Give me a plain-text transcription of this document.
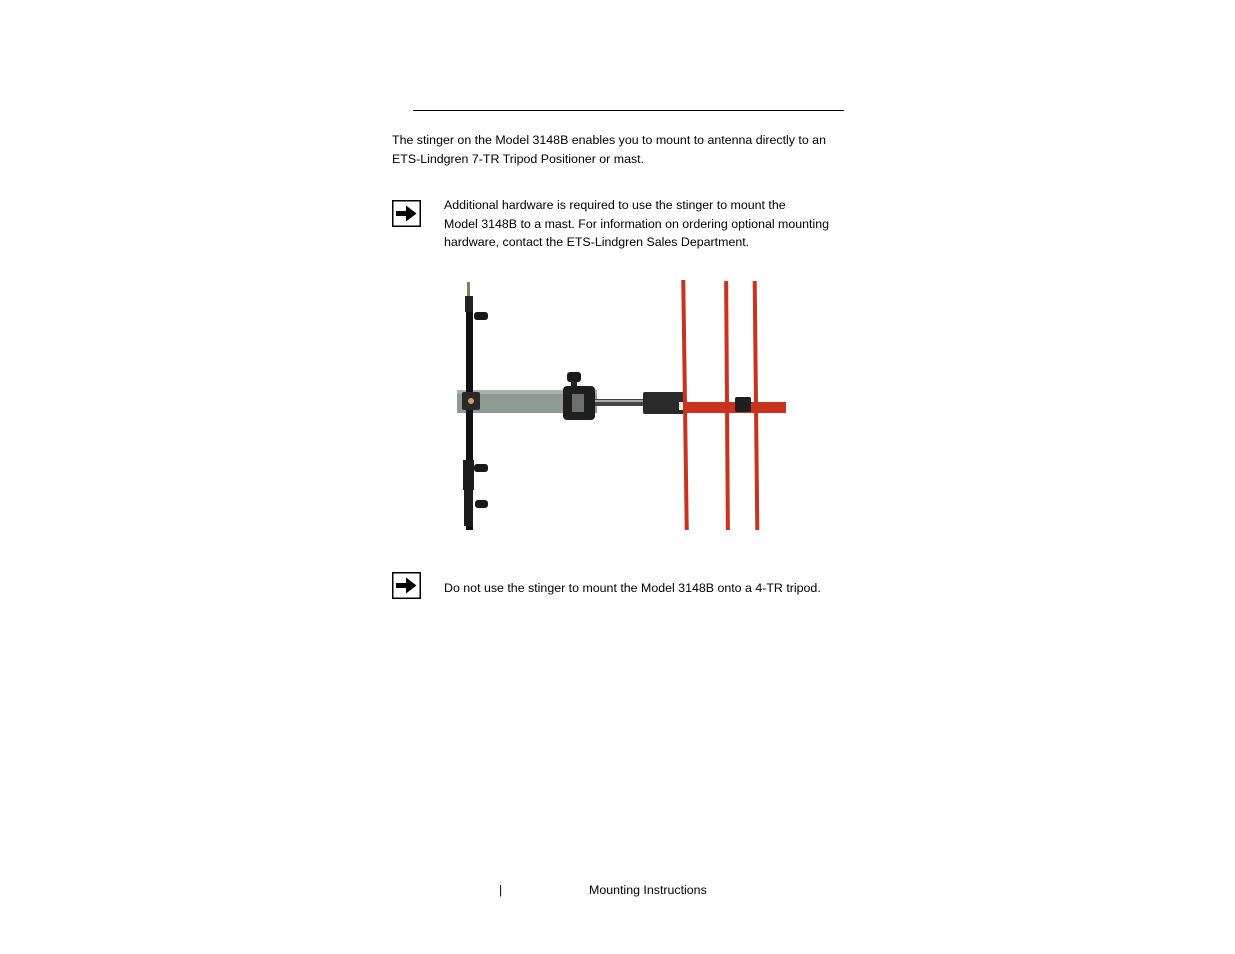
The stinger on the Model 3148B enables you to mount to antenna directly to an
ETS-Lindgren 7-TR Tripod Positioner or mast.
Additional hardware is required to use the stinger to mount the
Model 3148B to a mast. For information on ordering optional mounting
hardware, contact the ETS-Lindgren Sales Department.
Do not use the stinger to mount the Model 3148B onto a 4-TR tripod.
|	Mounting Instructions
